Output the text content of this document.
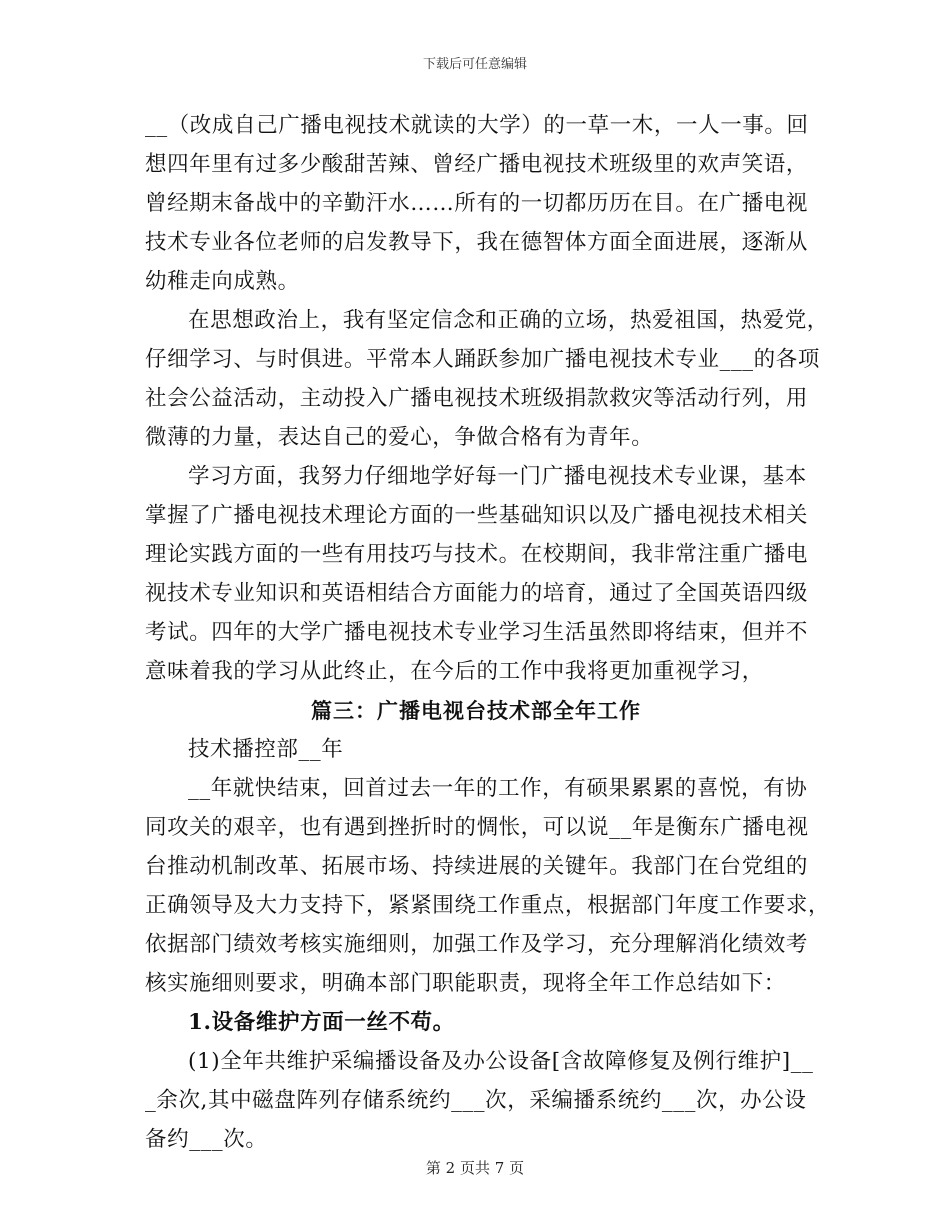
下载后可任意编辑
__（改成自己广播电视技术就读的大学）的一草一木，一人一事。回
想四年里有过多少酸甜苦辣、曾经广播电视技术班级里的欢声笑语，
曾经期末备战中的辛勤汗水……所有的一切都历历在目。在广播电视
技术专业各位老师的启发教导下，我在德智体方面全面进展，逐渐从
幼稚走向成熟。
在思想政治上，我有坚定信念和正确的立场，热爱祖国，热爱党，
仔细学习、与时俱进。平常本人踊跃参加广播电视技术专业___的各项
社会公益活动，主动投入广播电视技术班级捐款救灾等活动行列，用
微薄的力量，表达自己的爱心，争做合格有为青年。
学习方面，我努力仔细地学好每一门广播电视技术专业课，基本
掌握了广播电视技术理论方面的一些基础知识以及广播电视技术相关
理论实践方面的一些有用技巧与技术。在校期间，我非常注重广播电
视技术专业知识和英语相结合方面能力的培育，通过了全国英语四级
考试。四年的大学广播电视技术专业学习生活虽然即将结束，但并不
意味着我的学习从此终止，在今后的工作中我将更加重视学习，
篇三：广播电视台技术部全年工作
技术播控部__年
__年就快结束，回首过去一年的工作，有硕果累累的喜悦，有协
同攻关的艰辛，也有遇到挫折时的惆怅，可以说__年是衡东广播电视
台推动机制改革、拓展市场、持续进展的关键年。我部门在台党组的
正确领导及大力支持下，紧紧围绕工作重点，根据部门年度工作要求，
依据部门绩效考核实施细则，加强工作及学习，充分理解消化绩效考
核实施细则要求，明确本部门职能职责，现将全年工作总结如下：
1.设备维护方面一丝不苟。
(1)全年共维护采编播设备及办公设备[含故障修复及例行维护]__
_余次,其中磁盘阵列存储系统约___次，采编播系统约___次，办公设
备约___次。
第 2 页共 7 页
